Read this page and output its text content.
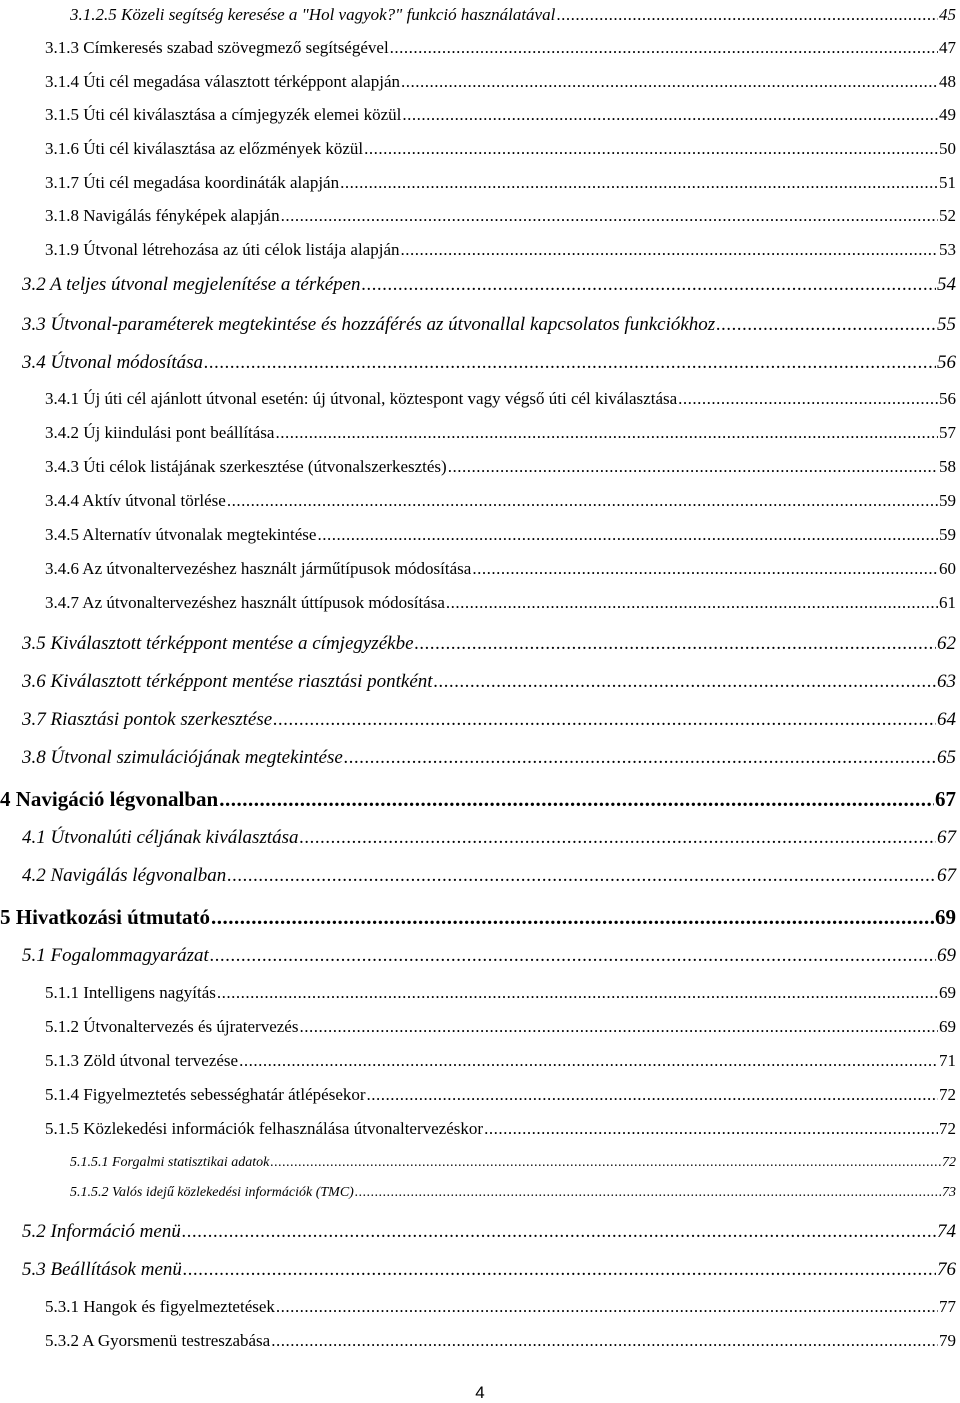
3.1.2.5 Közeli segítség keresése a "Hol vagyok?" funkció használatával .....	45
3.1.3 Címkeresés szabad szövegmező segítségével .....	47
3.1.4 Úti cél megadása választott térképpont alapján .....	48
3.1.5 Úti cél kiválasztása a címjegyzék elemei közül .....	49
3.1.6 Úti cél kiválasztása az előzmények közül .....	50
3.1.7 Úti cél megadása koordináták alapján .....	51
3.1.8 Navigálás fényképek alapján .....	52
3.1.9 Útvonal létrehozása az úti célok listája alapján .....	53
3.2 A teljes útvonal megjelenítése a térképen .....	54
3.3 Útvonal-paraméterek megtekintése és hozzáférés az útvonallal kapcsolatos funkciókhoz .....	55
3.4 Útvonal módosítása .....	56
3.4.1 Új úti cél ajánlott útvonal esetén: új útvonal, köztespont vagy végső úti cél kiválasztása .....	56
3.4.2 Új kiindulási pont beállítása .....	57
3.4.3 Úti célok listájának szerkesztése (útvonalszerkesztés) .....	58
3.4.4 Aktív útvonal törlése .....	59
3.4.5 Alternatív útvonalak megtekintése .....	59
3.4.6 Az útvonaltervezéshez használt járműtípusok módosítása .....	60
3.4.7 Az útvonaltervezéshez használt úttípusok módosítása .....	61
3.5 Kiválasztott térképpont mentése a címjegyzékbe .....	62
3.6 Kiválasztott térképpont mentése riasztási pontként .....	63
3.7 Riasztási pontok szerkesztése .....	64
3.8 Útvonal szimulációjának megtekintése .....	65
4 Navigáció légvonalban .....	67
4.1 Útvonalúti céljának kiválasztása .....	67
4.2 Navigálás légvonalban .....	67
5 Hivatkozási útmutató .....	69
5.1 Fogalommagyarázat .....	69
5.1.1 Intelligens nagyítás .....	69
5.1.2 Útvonaltervezés és újratervezés .....	69
5.1.3 Zöld útvonal tervezése .....	71
5.1.4 Figyelmeztetés sebességhatár átlépésekor .....	72
5.1.5 Közlekedési információk felhasználása útvonaltervezéskor .....	72
5.1.5.1 Forgalmi statisztikai adatok .....	72
5.1.5.2 Valós idejű közlekedési információk (TMC) .....	73
5.2 Információ menü .....	74
5.3 Beállítások menü .....	76
5.3.1 Hangok és figyelmeztetések .....	77
5.3.2 A Gyorsmenü testreszabása .....	79
4
